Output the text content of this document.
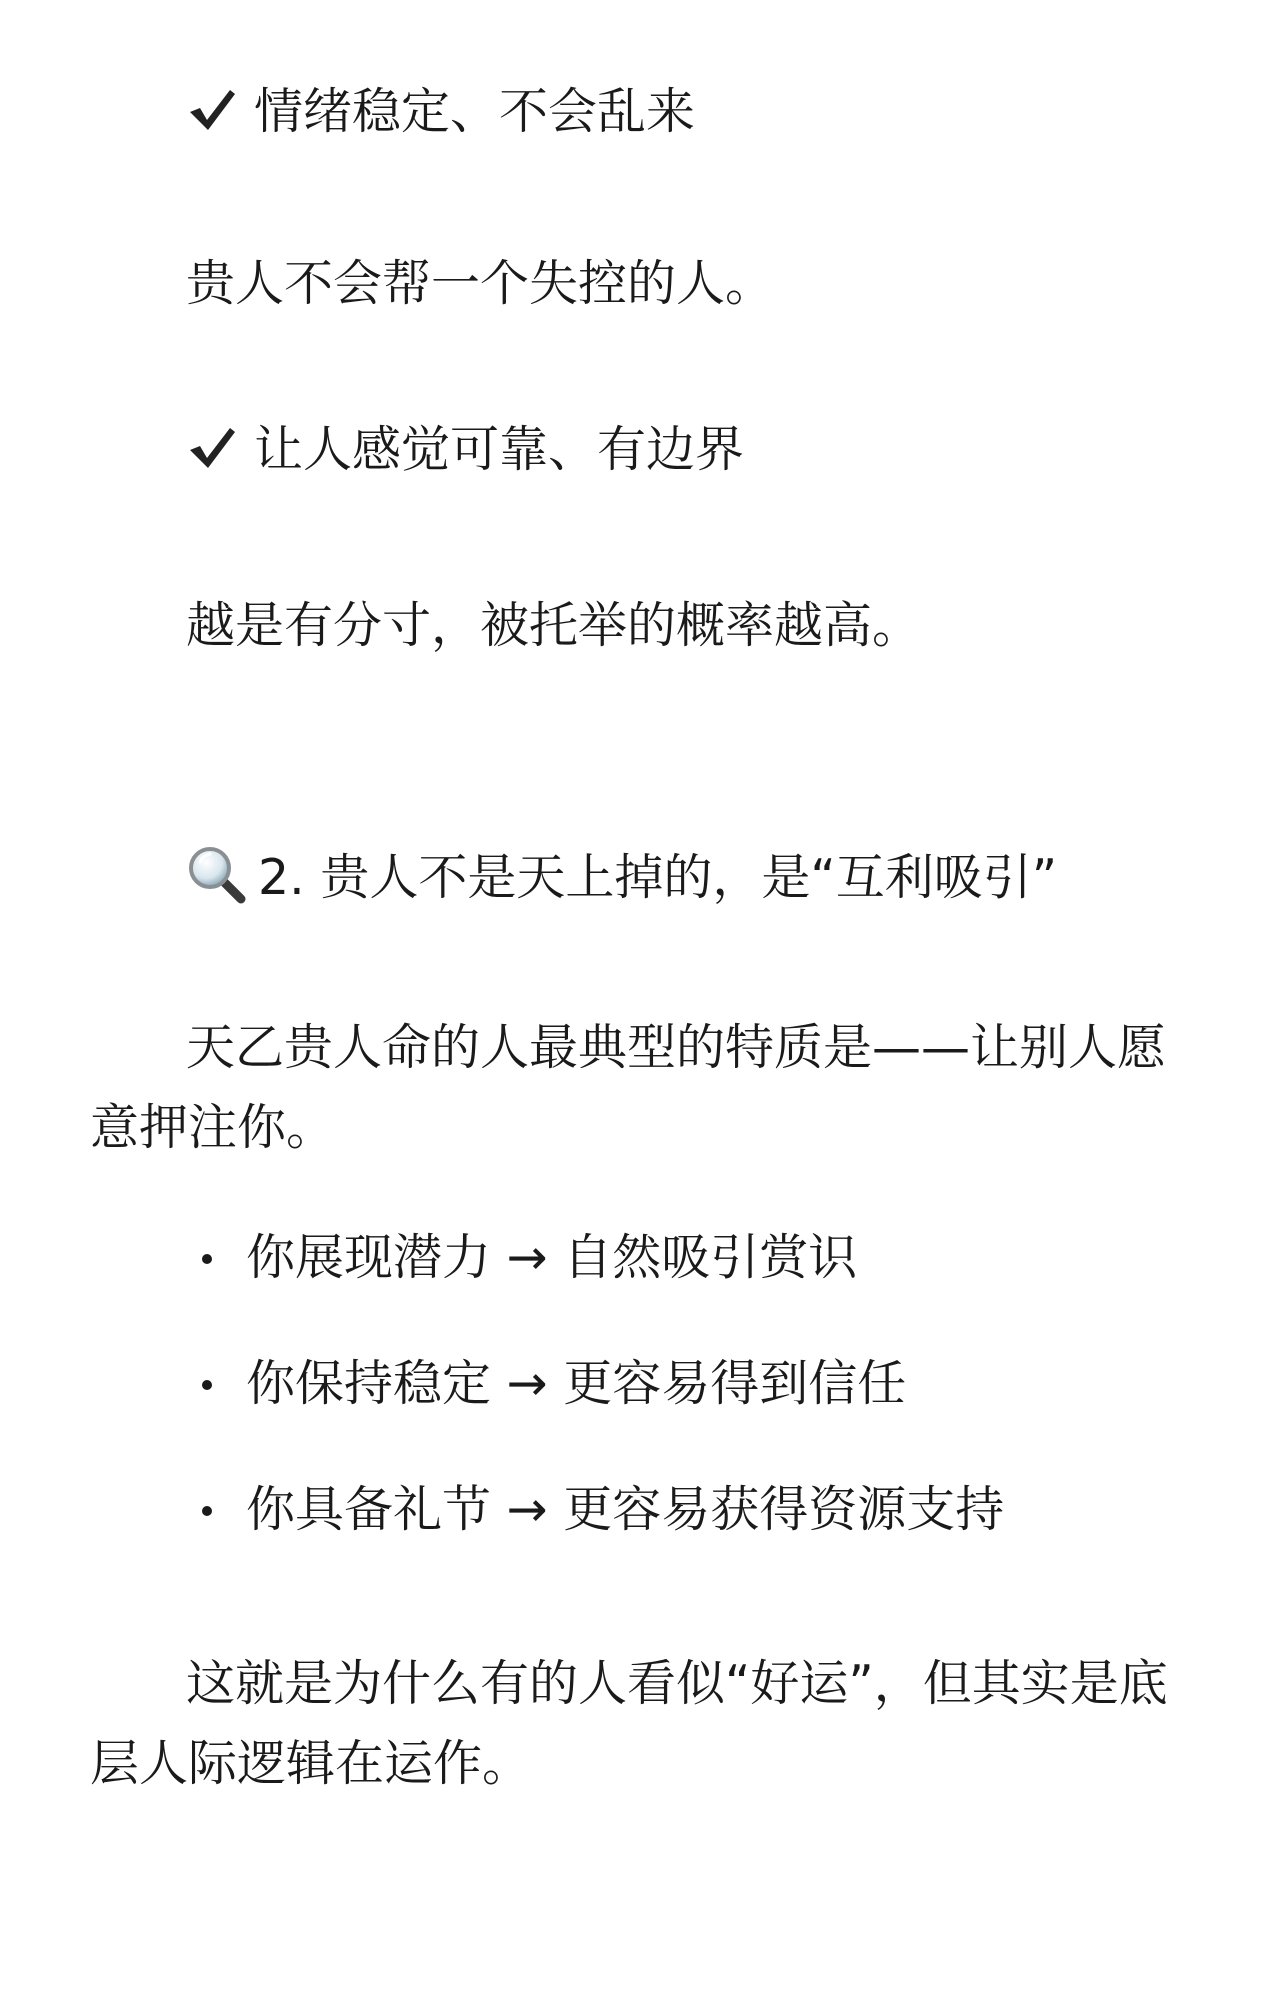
情绪稳定、不会乱来
贵人不会帮一个失控的人。
让人感觉可靠、有边界
越是有分寸，被托举的概率越高。
2. 贵人不是天上掉的，是“互利吸引”
天乙贵人命的人最典型的特质是——让别人愿
意押注你。
你展现潜力 → 自然吸引赏识
你保持稳定 → 更容易得到信任
你具备礼节 → 更容易获得资源支持
这就是为什么有的人看似“好运”，但其实是底
层人际逻辑在运作。
